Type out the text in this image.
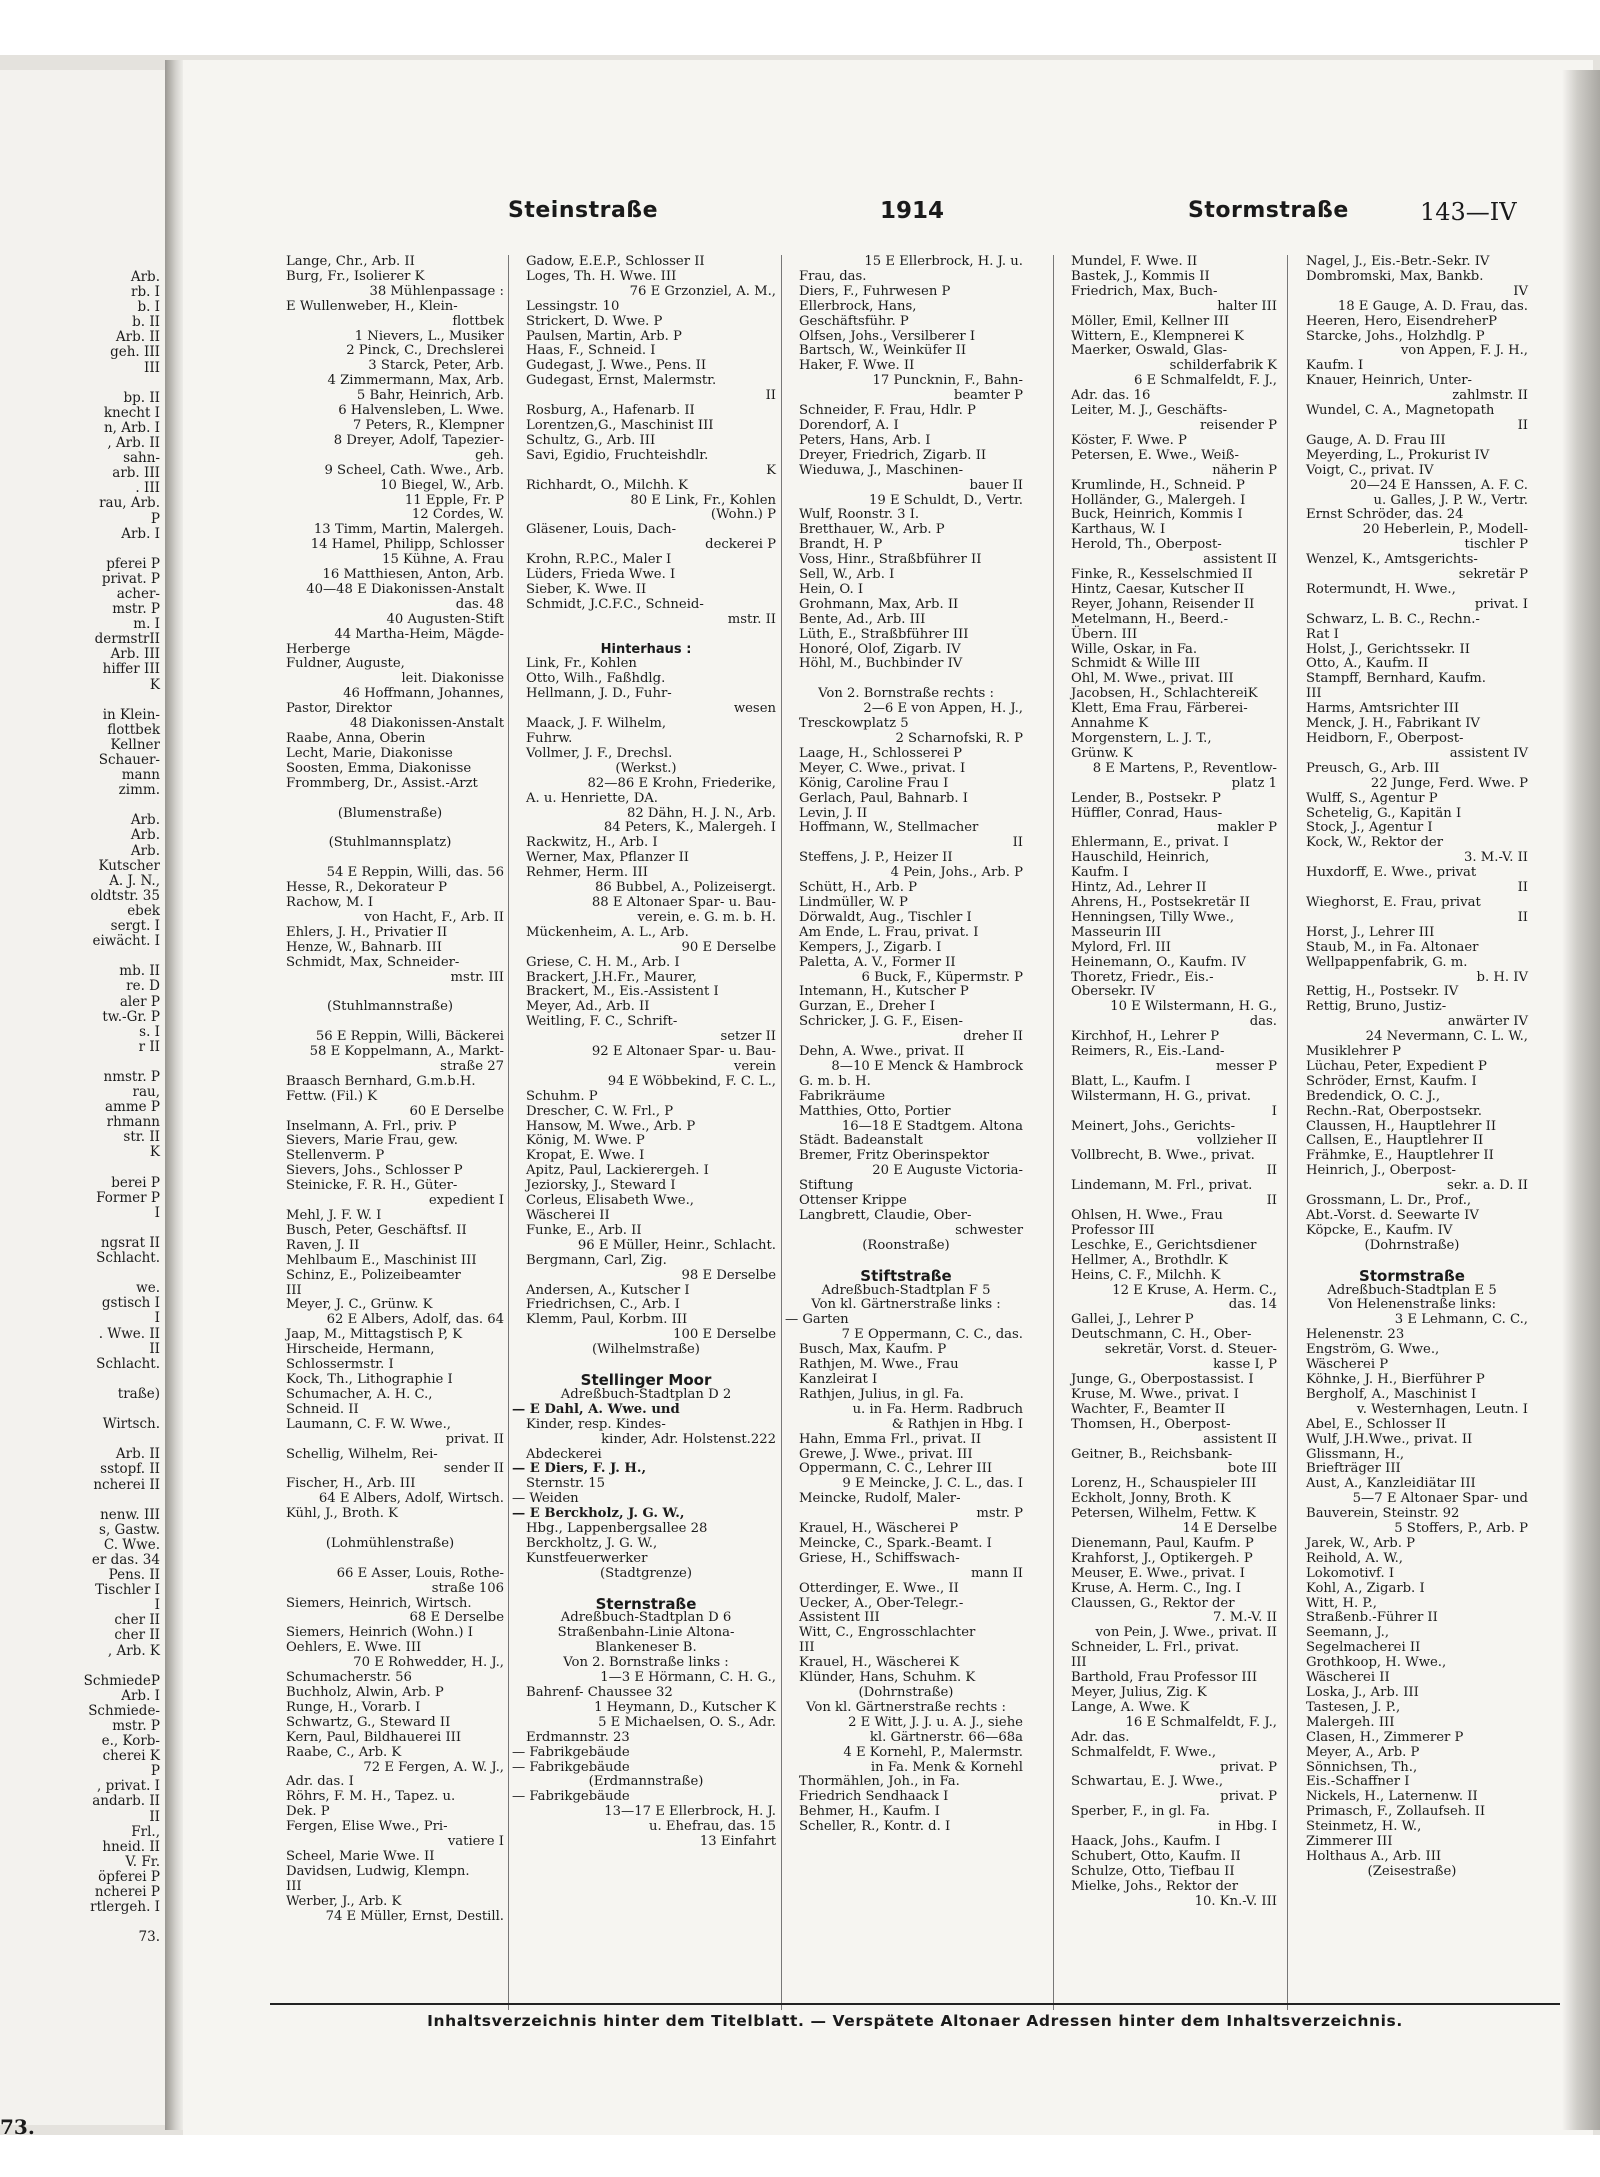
Arb.
rb. I
b. I
b. II
Arb. II
geh. III
III

bp. II
knecht I
n, Arb. I
, Arb. II
sahn-
arb. III
. III
rau, Arb.
P
Arb. I

pferei P
privat. P
acher-
mstr. P
m. I
dermstrII
Arb. III
hiffer III
K

in Klein-
flottbek
Kellner
Schauer-
mann
zimm.

Arb.
Arb.
Arb.
Kutscher
A. J. N.,
oldtstr. 35
ebek
sergt. I
eiwächt. I

mb. II
re. D
aler P
tw.-Gr. P
s. I
r II

nmstr. P
rau,
amme P
rhmann
str. II
K

berei P
Former P
I

ngsrat II
Schlacht.

we.
gstisch I
I
. Wwe. II
II
Schlacht.

traße)

Wirtsch.

Arb. II
sstopf. II
ncherei II

nenw. III
s, Gastw.
C. Wwe.
er das. 34
Pens. II
Tischler I
I
cher II
cher II
, Arb. K

SchmiedeP
Arb. I
Schmiede-
mstr. P
e., Korb-
cherei K
P
, privat. I
andarb. II
II
Frl.,
hneid. II
V. Fr.
öpferei P
ncherei P
rtlergeh. I

73.
73.
Steinstraße	1914	Stormstraße	143—IV
Lange, Chr., Arb. II
Burg, Fr., Isolierer K
38 Mühlenpassage :
E Wullenweber, H., Klein-
flottbek
1 Nievers, L., Musiker
2 Pinck, C., Drechslerei
3 Starck, Peter, Arb.
4 Zimmermann, Max, Arb.
5 Bahr, Heinrich, Arb.
6 Halvensleben, L. Wwe.
7 Peters, R., Klempner
8 Dreyer, Adolf, Tapezier-
geh.
9 Scheel, Cath. Wwe., Arb.
10 Biegel, W., Arb.
11 Epple, Fr. P
12 Cordes, W.
13 Timm, Martin, Malergeh.
14 Hamel, Philipp, Schlosser
15 Kühne, A. Frau
16 Matthiesen, Anton, Arb.
40—48 E Diakonissen-Anstalt
das. 48
40 Augusten-Stift
44 Martha-Heim, Mägde-
Herberge
Fuldner, Auguste,
leit. Diakonisse
46 Hoffmann, Johannes,
Pastor, Direktor
48 Diakonissen-Anstalt
Raabe, Anna, Oberin
Lecht, Marie, Diakonisse
Soosten, Emma, Diakonisse
Frommberg, Dr., Assist.-Arzt

(Blumenstraße)

(Stuhlmannsplatz)

54 E Reppin, Willi, das. 56
Hesse, R., Dekorateur P
Rachow, M. I
von Hacht, F., Arb. II
Ehlers, J. H., Privatier II
Henze, W., Bahnarb. III
Schmidt, Max, Schneider-
mstr. III

(Stuhlmannstraße)

56 E Reppin, Willi, Bäckerei
58 E Koppelmann, A., Markt-
straße 27
Braasch Bernhard, G.m.b.H.
Fettw. (Fil.) K
60 E Derselbe
Inselmann, A. Frl., priv. P
Sievers, Marie Frau, gew.
Stellenverm. P
Sievers, Johs., Schlosser P
Steinicke, F. R. H., Güter-
expedient I
Mehl, J. F. W. I
Busch, Peter, Geschäftsf. II
Raven, J. II
Mehlbaum E., Maschinist III
Schinz, E., Polizeibeamter
III
Meyer, J. C., Grünw. K
62 E Albers, Adolf, das. 64
Jaap, M., Mittagstisch P, K
Hirscheide, Hermann,
Schlossermstr. I
Kock, Th., Lithographie I
Schumacher, A. H. C.,
Schneid. II
Laumann, C. F. W. Wwe.,
privat. II
Schellig, Wilhelm, Rei-
sender II
Fischer, H., Arb. III
64 E Albers, Adolf, Wirtsch.
Kühl, J., Broth. K

(Lohmühlenstraße)

66 E Asser, Louis, Rothe-
straße 106
Siemers, Heinrich, Wirtsch.
68 E Derselbe
Siemers, Heinrich (Wohn.) I
Oehlers, E. Wwe. III
70 E Rohwedder, H. J.,
Schumacherstr. 56
Buchholz, Alwin, Arb. P
Runge, H., Vorarb. I
Schwartz, G., Steward II
Kern, Paul, Bildhauerei III
Raabe, C., Arb. K
72 E Fergen, A. W. J.,
Adr. das. I
Röhrs, F. M. H., Tapez. u.
Dek. P
Fergen, Elise Wwe., Pri-
vatiere I
Scheel, Marie Wwe. II
Davidsen, Ludwig, Klempn.
III
Werber, J., Arb. K
74 E Müller, Ernst, Destill.
Gadow, E.E.P., Schlosser II
Loges, Th. H. Wwe. III
76 E Grzonziel, A. M.,
Lessingstr. 10
Strickert, D. Wwe. P
Paulsen, Martin, Arb. P
Haas, F., Schneid. I
Gudegast, J. Wwe., Pens. II
Gudegast, Ernst, Malermstr.
II
Rosburg, A., Hafenarb. II
Lorentzen,G., Maschinist III
Schultz, G., Arb. III
Savi, Egidio, Fruchteishdlr.
K
Richhardt, O., Milchh. K
80 E Link, Fr., Kohlen
(Wohn.) P
Gläsener, Louis, Dach-
deckerei P
Krohn, R.P.C., Maler I
Lüders, Frieda Wwe. I
Sieber, K. Wwe. II
Schmidt, J.C.F.C., Schneid-
mstr. II

Hinterhaus :
Link, Fr., Kohlen
Otto, Wilh., Faßhdlg.
Hellmann, J. D., Fuhr-
wesen
Maack, J. F. Wilhelm,
Fuhrw.
Vollmer, J. F., Drechsl.
(Werkst.)
82—86 E Krohn, Friederike,
A. u. Henriette, DA.
82 Dähn, H. J. N., Arb.
84 Peters, K., Malergeh. I
Rackwitz, H., Arb. I
Werner, Max, Pflanzer II
Rehmer, Herm. III
86 Bubbel, A., Polizeisergt.
88 E Altonaer Spar- u. Bau-
verein, e. G. m. b. H.
Mückenheim, A. L., Arb.
90 E Derselbe
Griese, C. H. M., Arb. I
Brackert, J.H.Fr., Maurer,
Brackert, M., Eis.-Assistent I
Meyer, Ad., Arb. II
Weitling, F. C., Schrift-
setzer II
92 E Altonaer Spar- u. Bau-
verein
94 E Wöbbekind, F. C. L.,
Schuhm. P
Drescher, C. W. Frl., P
Hansow, M. Wwe., Arb. P
König, M. Wwe. P
Kropat, E. Wwe. I
Apitz, Paul, Lackierergeh. I
Jeziorsky, J., Steward I
Corleus, Elisabeth Wwe.,
Wäscherei II
Funke, E., Arb. II
96 E Müller, Heinr., Schlacht.
Bergmann, Carl, Zig.
98 E Derselbe
Andersen, A., Kutscher I
Friedrichsen, C., Arb. I
Klemm, Paul, Korbm. III
100 E Derselbe
(Wilhelmstraße)

Stellinger Moor
Adreßbuch-Stadtplan D 2
— E Dahl, A. Wwe. und
Kinder, resp. Kindes-
kinder, Adr. Holstenst.222
Abdeckerei
— E Diers, F. J. H.,
Sternstr. 15
— Weiden
— E Berckholz, J. G. W.,
Hbg., Lappenbergsallee 28
Berckholtz, J. G. W.,
Kunstfeuerwerker
(Stadtgrenze)

Sternstraße
Adreßbuch-Stadtplan D 6
Straßenbahn-Linie Altona-
Blankeneser B.
Von 2. Bornstraße links :
1—3 E Hörmann, C. H. G.,
Bahrenf- Chaussee 32
1 Heymann, D., Kutscher K
5 E Michaelsen, O. S., Adr.
Erdmannstr. 23
— Fabrikgebäude
— Fabrikgebäude
(Erdmannstraße)
— Fabrikgebäude
13—17 E Ellerbrock, H. J.
u. Ehefrau, das. 15
13 Einfahrt
15 E Ellerbrock, H. J. u.
Frau, das.
Diers, F., Fuhrwesen P
Ellerbrock, Hans,
Geschäftsführ. P
Olfsen, Johs., Versilberer I
Bartsch, W., Weinküfer II
Haker, F. Wwe. II
17 Puncknin, F., Bahn-
beamter P
Schneider, F. Frau, Hdlr. P
Dorendorf, A. I
Peters, Hans, Arb. I
Dreyer, Friedrich, Zigarb. II
Wieduwa, J., Maschinen-
bauer II
19 E Schuldt, D., Vertr.
Wulf, Roonstr. 3 I.
Bretthauer, W., Arb. P
Brandt, H. P
Voss, Hinr., Straßbführer II
Sell, W., Arb. I
Hein, O. I
Grohmann, Max, Arb. II
Bente, Ad., Arb. III
Lüth, E., Straßbführer III
Honoré, Olof, Zigarb. IV
Höhl, M., Buchbinder IV

Von 2. Bornstraße rechts :
2—6 E von Appen, H. J.,
Tresckowplatz 5
2 Scharnofski, R. P
Laage, H., Schlosserei P
Meyer, C. Wwe., privat. I
König, Caroline Frau I
Gerlach, Paul, Bahnarb. I
Levin, J. II
Hoffmann, W., Stellmacher
II
Steffens, J. P., Heizer II
4 Pein, Johs., Arb. P
Schütt, H., Arb. P
Lindmüller, W. P
Dörwaldt, Aug., Tischler I
Am Ende, L. Frau, privat. I
Kempers, J., Zigarb. I
Paletta, A. V., Former II
6 Buck, F., Küpermstr. P
Intemann, H., Kutscher P
Gurzan, E., Dreher I
Schricker, J. G. F., Eisen-
dreher II
Dehn, A. Wwe., privat. II
8—10 E Menck & Hambrock
G. m. b. H.
Fabrikräume
Matthies, Otto, Portier
16—18 E Stadtgem. Altona
Städt. Badeanstalt
Bremer, Fritz Oberinspektor
20 E Auguste Victoria-
Stiftung
Ottenser Krippe
Langbrett, Claudie, Ober-
schwester
(Roonstraße)

Stiftstraße
Adreßbuch-Stadtplan F 5
Von kl. Gärtnerstraße links :
— Garten
7 E Oppermann, C. C., das.
Busch, Max, Kaufm. P
Rathjen, M. Wwe., Frau
Kanzleirat I
Rathjen, Julius, in gl. Fa.
u. in Fa. Herm. Radbruch
& Rathjen in Hbg. I
Hahn, Emma Frl., privat. II
Grewe, J. Wwe., privat. III
Oppermann, C. C., Lehrer III
9 E Meincke, J. C. L., das. I
Meincke, Rudolf, Maler-
mstr. P
Krauel, H., Wäscherei P
Meincke, C., Spark.-Beamt. I
Griese, H., Schiffswach-
mann II
Otterdinger, E. Wwe., II
Uecker, A., Ober-Telegr.-
Assistent III
Witt, C., Engrosschlachter
III
Krauel, H., Wäscherei K
Klünder, Hans, Schuhm. K
(Dohrnstraße)
Von kl. Gärtnerstraße rechts :
2 E Witt, J. J. u. A. J., siehe
kl. Gärtnerstr. 66—68a
4 E Kornehl, P., Malermstr.
in Fa. Menk & Kornehl
Thormählen, Joh., in Fa.
Friedrich Sendhaack I
Behmer, H., Kaufm. I
Scheller, R., Kontr. d. I
Mundel, F. Wwe. II
Bastek, J., Kommis II
Friedrich, Max, Buch-
halter III
Möller, Emil, Kellner III
Wittern, E., Klempnerei K
Maerker, Oswald, Glas-
schilderfabrik K
6 E Schmalfeldt, F. J.,
Adr. das. 16
Leiter, M. J., Geschäfts-
reisender P
Köster, F. Wwe. P
Petersen, E. Wwe., Weiß-
näherin P
Krumlinde, H., Schneid. P
Holländer, G., Malergeh. I
Buck, Heinrich, Kommis I
Karthaus, W. I
Herold, Th., Oberpost-
assistent II
Finke, R., Kesselschmied II
Hintz, Caesar, Kutscher II
Reyer, Johann, Reisender II
Metelmann, H., Beerd.-
Übern. III
Wille, Oskar, in Fa.
Schmidt & Wille III
Ohl, M. Wwe., privat. III
Jacobsen, H., SchlachtereiK
Klett, Ema Frau, Färberei-
Annahme K
Morgenstern, L. J. T.,
Grünw. K
8 E Martens, P., Reventlow-
platz 1
Lender, B., Postsekr. P
Hüffler, Conrad, Haus-
makler P
Ehlermann, E., privat. I
Hauschild, Heinrich,
Kaufm. I
Hintz, Ad., Lehrer II
Ahrens, H., Postsekretär II
Henningsen, Tilly Wwe.,
Masseurin III
Mylord, Frl. III
Heinemann, O., Kaufm. IV
Thoretz, Friedr., Eis.-
Obersekr. IV
10 E Wilstermann, H. G.,
das.
Kirchhof, H., Lehrer P
Reimers, R., Eis.-Land-
messer P
Blatt, L., Kaufm. I
Wilstermann, H. G., privat.
I
Meinert, Johs., Gerichts-
vollzieher II
Vollbrecht, B. Wwe., privat.
II
Lindemann, M. Frl., privat.
II
Ohlsen, H. Wwe., Frau
Professor III
Leschke, E., Gerichtsdiener
Hellmer, A., Brothdlr. K
Heins, C. F., Milchh. K
12 E Kruse, A. Herm. C.,
das. 14
Gallei, J., Lehrer P
Deutschmann, C. H., Ober-
sekretär, Vorst. d. Steuer-
kasse I, P
Junge, G., Oberpostassist. I
Kruse, M. Wwe., privat. I
Wachter, F., Beamter II
Thomsen, H., Oberpost-
assistent II
Geitner, B., Reichsbank-
bote III
Lorenz, H., Schauspieler III
Eckholt, Jonny, Broth. K
Petersen, Wilhelm, Fettw. K
14 E Derselbe
Dienemann, Paul, Kaufm. P
Krahforst, J., Optikergeh. P
Meuser, E. Wwe., privat. I
Kruse, A. Herm. C., Ing. I
Claussen, G., Rektor der
7. M.-V. II
von Pein, J. Wwe., privat. II
Schneider, L. Frl., privat.
III
Barthold, Frau Professor III
Meyer, Julius, Zig. K
Lange, A. Wwe. K
16 E Schmalfeldt, F. J.,
Adr. das.
Schmalfeldt, F. Wwe.,
privat. P
Schwartau, E. J. Wwe.,
privat. P
Sperber, F., in gl. Fa.
in Hbg. I
Haack, Johs., Kaufm. I
Schubert, Otto, Kaufm. II
Schulze, Otto, Tiefbau II
Mielke, Johs., Rektor der
10. Kn.-V. III
Nagel, J., Eis.-Betr.-Sekr. IV
Dombromski, Max, Bankb.
IV
18 E Gauge, A. D. Frau, das.
Heeren, Hero, EisendreherP
Starcke, Johs., Holzhdlg. P
von Appen, F. J. H.,
Kaufm. I
Knauer, Heinrich, Unter-
zahlmstr. II
Wundel, C. A., Magnetopath
II
Gauge, A. D. Frau III
Meyerding, L., Prokurist IV
Voigt, C., privat. IV
20—24 E Hanssen, A. F. C.
u. Galles, J. P. W., Vertr.
Ernst Schröder, das. 24
20 Heberlein, P., Modell-
tischler P
Wenzel, K., Amtsgerichts-
sekretär P
Rotermundt, H. Wwe.,
privat. I
Schwarz, L. B. C., Rechn.-
Rat I
Holst, J., Gerichtssekr. II
Otto, A., Kaufm. II
Stampff, Bernhard, Kaufm.
III
Harms, Amtsrichter III
Menck, J. H., Fabrikant IV
Heidborn, F., Oberpost-
assistent IV
Preusch, G., Arb. III
22 Junge, Ferd. Wwe. P
Wulff, S., Agentur P
Schetelig, G., Kapitän I
Stock, J., Agentur I
Kock, W., Rektor der
3. M.-V. II
Huxdorff, E. Wwe., privat
II
Wieghorst, E. Frau, privat
II
Horst, J., Lehrer III
Staub, M., in Fa. Altonaer
Wellpappenfabrik, G. m.
b. H. IV
Rettig, H., Postsekr. IV
Rettig, Bruno, Justiz-
anwärter IV
24 Nevermann, C. L. W.,
Musiklehrer P
Lüchau, Peter, Expedient P
Schröder, Ernst, Kaufm. I
Bredendick, O. C. J.,
Rechn.-Rat, Oberpostsekr.
Claussen, H., Hauptlehrer II
Callsen, E., Hauptlehrer II
Frähmke, E., Hauptlehrer II
Heinrich, J., Oberpost-
sekr. a. D. II
Grossmann, L. Dr., Prof.,
Abt.-Vorst. d. Seewarte IV
Köpcke, E., Kaufm. IV
(Dohrnstraße)

Stormstraße
Adreßbuch-Stadtplan E 5
Von Helenenstraße links:
3 E Lehmann, C. C.,
Helenenstr. 23
Engström, G. Wwe.,
Wäscherei P
Köhnke, J. H., Bierführer P
Bergholf, A., Maschinist I
v. Westernhagen, Leutn. I
Abel, E., Schlosser II
Wulf, J.H.Wwe., privat. II
Glissmann, H.,
Briefträger III
Aust, A., Kanzleidiätar III
5—7 E Altonaer Spar- und
Bauverein, Steinstr. 92
5 Stoffers, P., Arb. P
Jarek, W., Arb. P
Reihold, A. W.,
Lokomotivf. I
Kohl, A., Zigarb. I
Witt, H. P.,
Straßenb.-Führer II
Seemann, J.,
Segelmacherei II
Grothkoop, H. Wwe.,
Wäscherei II
Loska, J., Arb. III
Tastesen, J. P.,
Malergeh. III
Clasen, H., Zimmerer P
Meyer, A., Arb. P
Sönnichsen, Th.,
Eis.-Schaffner I
Nickels, H., Laternenw. II
Primasch, F., Zollaufseh. II
Steinmetz, H. W.,
Zimmerer III
Holthaus A., Arb. III
(Zeisestraße)
Inhaltsverzeichnis hinter dem Titelblatt. — Verspätete Altonaer Adressen hinter dem Inhaltsverzeichnis.
